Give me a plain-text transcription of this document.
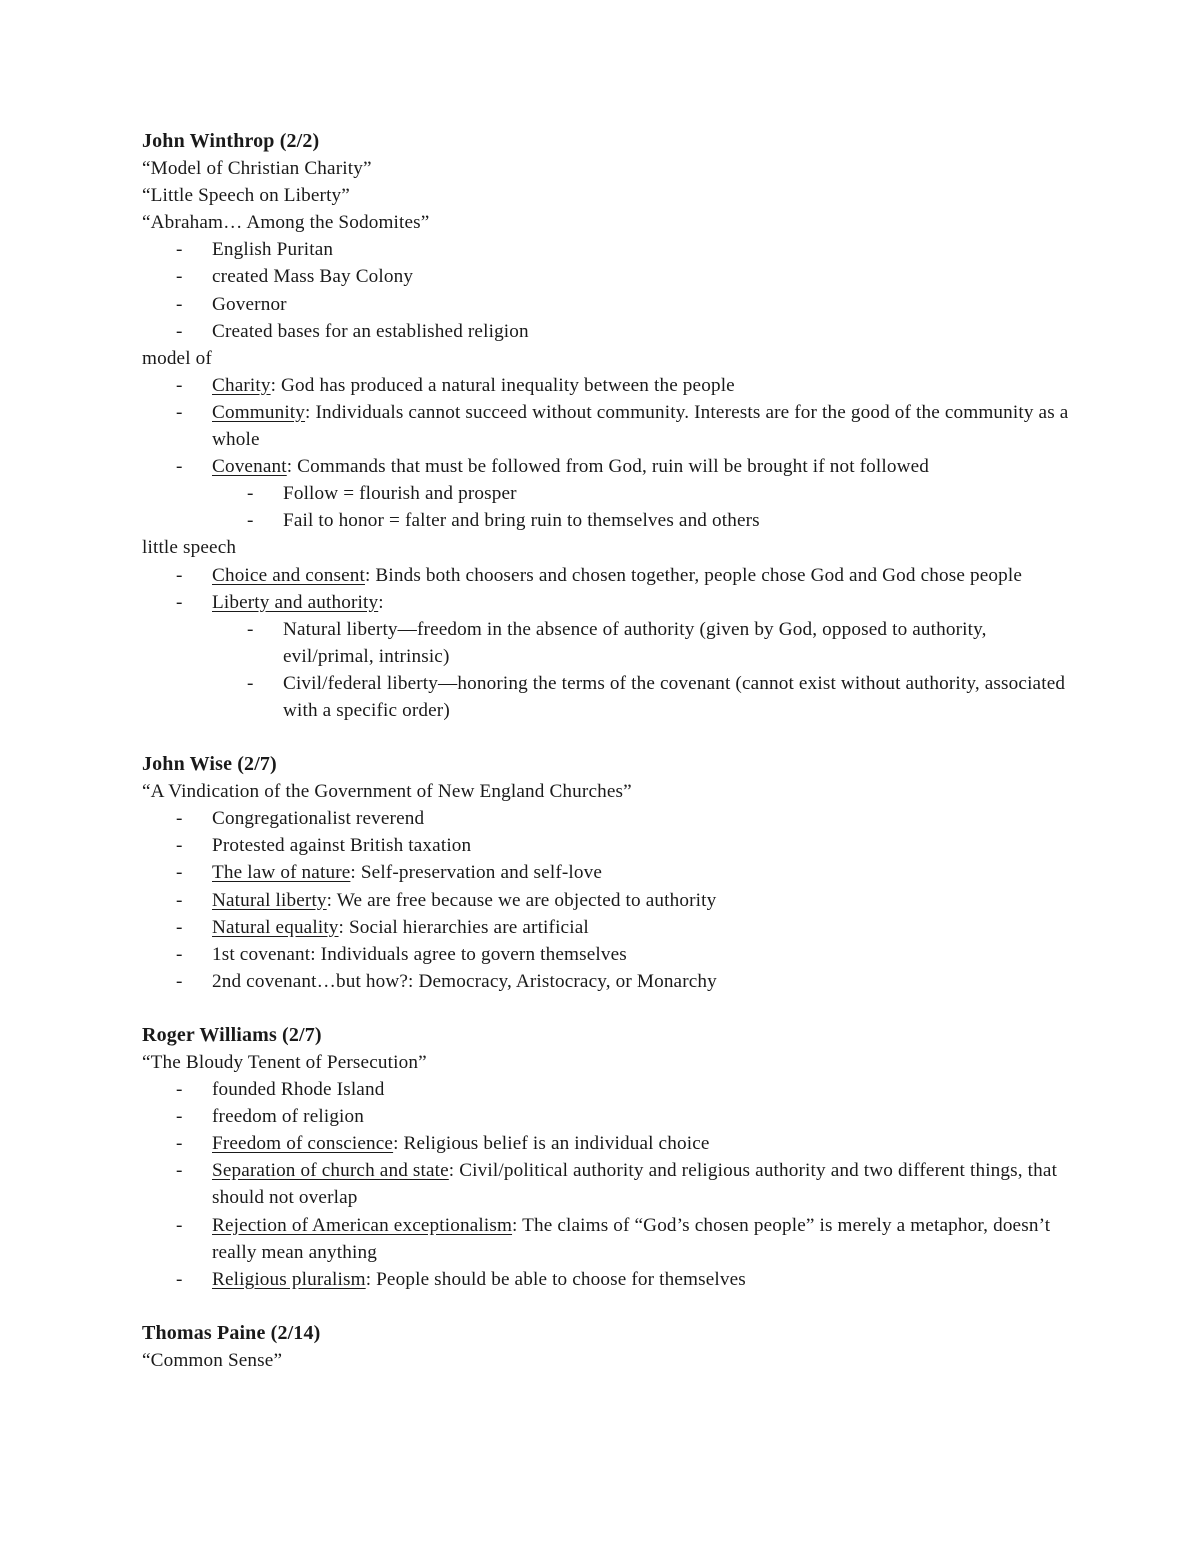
John Winthrop (2/2)
“Model of Christian Charity”
“Little Speech on Liberty”
“Abraham… Among the Sodomites”
- English Puritan
- created Mass Bay Colony
- Governor
- Created bases for an established religion
model of
- Charity: God has produced a natural inequality between the people
- Community: Individuals cannot succeed without community. Interests are for the good of the community as a whole
- Covenant: Commands that must be followed from God, ruin will be brought if not followed
- Follow = flourish and prosper
- Fail to honor = falter and bring ruin to themselves and others
little speech
- Choice and consent: Binds both choosers and chosen together, people chose God and God chose people
- Liberty and authority:
- Natural liberty—freedom in the absence of authority (given by God, opposed to authority, evil/primal, intrinsic)
- Civil/federal liberty—honoring the terms of the covenant (cannot exist without authority, associated with a specific order)
John Wise (2/7)
“A Vindication of the Government of New England Churches”
- Congregationalist reverend
- Protested against British taxation
- The law of nature: Self-preservation and self-love
- Natural liberty: We are free because we are objected to authority
- Natural equality: Social hierarchies are artificial
- 1st covenant: Individuals agree to govern themselves
- 2nd covenant…but how?: Democracy, Aristocracy, or Monarchy
Roger Williams (2/7)
“The Bloudy Tenent of Persecution”
- founded Rhode Island
- freedom of religion
- Freedom of conscience: Religious belief is an individual choice
- Separation of church and state: Civil/political authority and religious authority and two different things, that should not overlap
- Rejection of American exceptionalism: The claims of “God’s chosen people” is merely a metaphor, doesn’t really mean anything
- Religious pluralism: People should be able to choose for themselves
Thomas Paine (2/14)
“Common Sense”
